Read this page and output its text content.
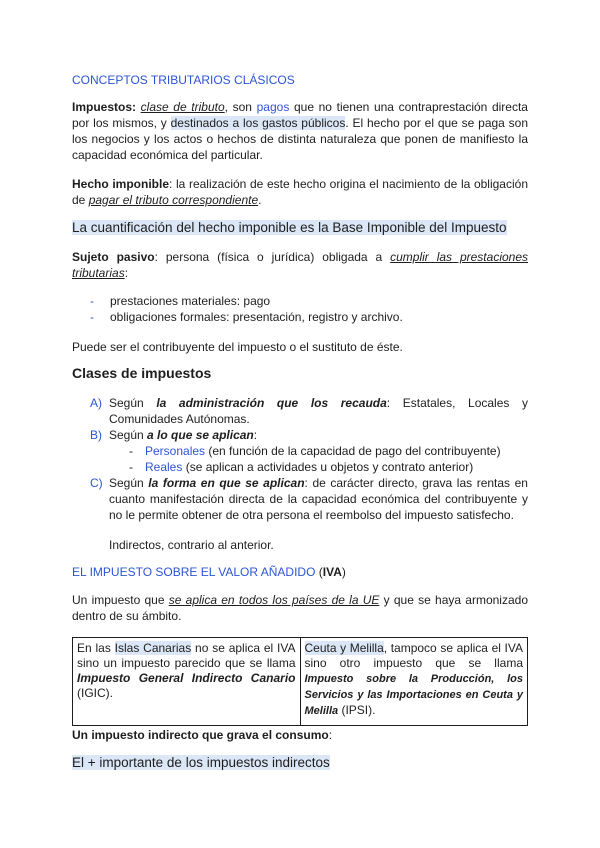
CONCEPTOS TRIBUTARIOS CLÁSICOS
Impuestos: clase de tributo, son pagos que no tienen una contraprestación directa por los mismos, y destinados a los gastos públicos. El hecho por el que se paga son los negocios y los actos o hechos de distinta naturaleza que ponen de manifiesto la capacidad económica del particular.
Hecho imponible: la realización de este hecho origina el nacimiento de la obligación de pagar el tributo correspondiente.
La cuantificación del hecho imponible es la Base Imponible del Impuesto
Sujeto pasivo: persona (física o jurídica) obligada a cumplir las prestaciones tributarias:
- prestaciones materiales: pago
- obligaciones formales: presentación, registro y archivo.
Puede ser el contribuyente del impuesto o el sustituto de éste.
Clases de impuestos
A) Según la administración que los recauda: Estatales, Locales y Comunidades Autónomas.
B) Según a lo que se aplican:
- Personales (en función de la capacidad de pago del contribuyente)
- Reales (se aplican a actividades u objetos y contrato anterior)
C) Según la forma en que se aplican: de carácter directo, grava las rentas en cuanto manifestación directa de la capacidad económica del contribuyente y no le permite obtener de otra persona el reembolso del impuesto satisfecho.
Indirectos, contrario al anterior.
EL IMPUESTO SOBRE EL VALOR AÑADIDO (IVA)
Un impuesto que se aplica en todos los países de la UE y que se haya armonizado dentro de su ámbito.
En las Islas Canarias no se aplica el IVA sino un impuesto parecido que se llama Impuesto General Indirecto Canario (IGIC).	Ceuta y Melilla, tampoco se aplica el IVA sino otro impuesto que se llama Impuesto sobre la Producción, los Servicios y las Importaciones en Ceuta y Melilla (IPSI).
Un impuesto indirecto que grava el consumo:
El + importante de los impuestos indirectos
